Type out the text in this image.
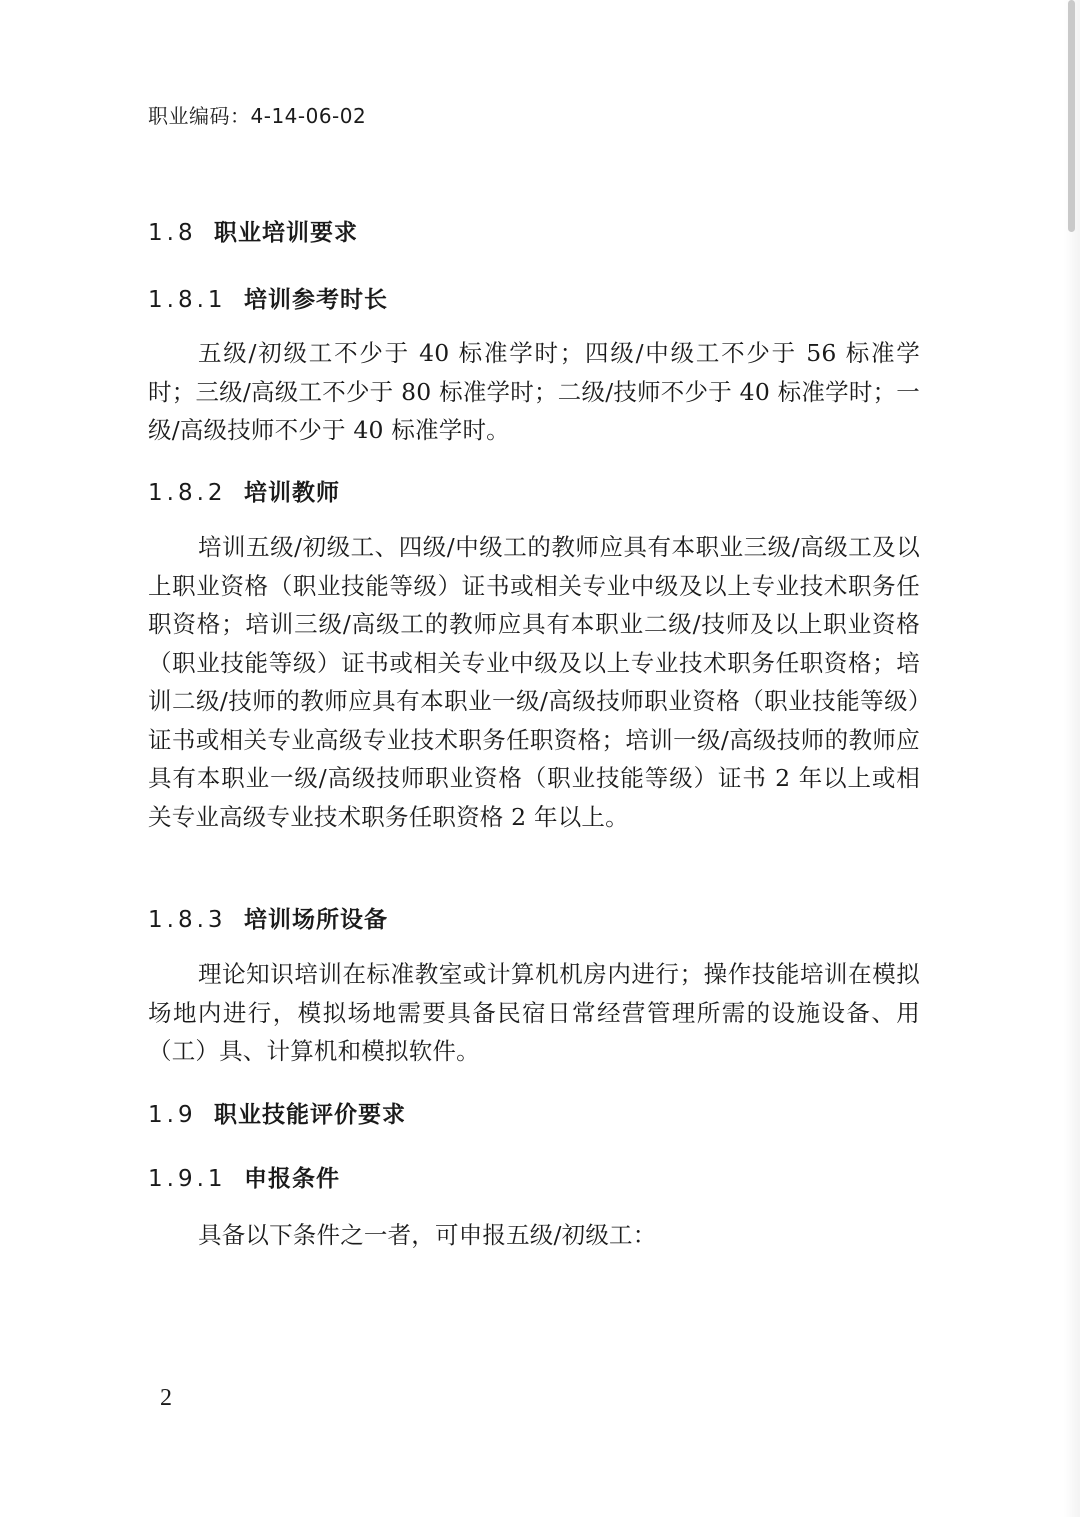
职业编码：4-14-06-02
1.8 职业培训要求
1.8.1 培训参考时长

五级/初级工不少于 40 标准学时；四级/中级工不少于 56 标准学时；三级/高级工不少于 80 标准学时；二级/技师不少于 40 标准学时；一级/高级技师不少于 40 标准学时。

1.8.2 培训教师

培训五级/初级工、四级/中级工的教师应具有本职业三级/高级工及以上职业资格（职业技能等级）证书或相关专业中级及以上专业技术职务任职资格；培训三级/高级工的教师应具有本职业二级/技师及以上职业资格（职业技能等级）证书或相关专业中级及以上专业技术职务任职资格；培训二级/技师的教师应具有本职业一级/高级技师职业资格（职业技能等级）证书或相关专业高级专业技术职务任职资格；培训一级/高级技师的教师应具有本职业一级/高级技师职业资格（职业技能等级）证书 2 年以上或相关专业高级专业技术职务任职资格 2 年以上。

1.8.3 培训场所设备

理论知识培训在标准教室或计算机机房内进行；操作技能培训在模拟场地内进行，模拟场地需要具备民宿日常经营管理所需的设施设备、用（工）具、计算机和模拟软件。

1.9 职业技能评价要求
1.9.1 申报条件

具备以下条件之一者，可申报五级/初级工：

2
